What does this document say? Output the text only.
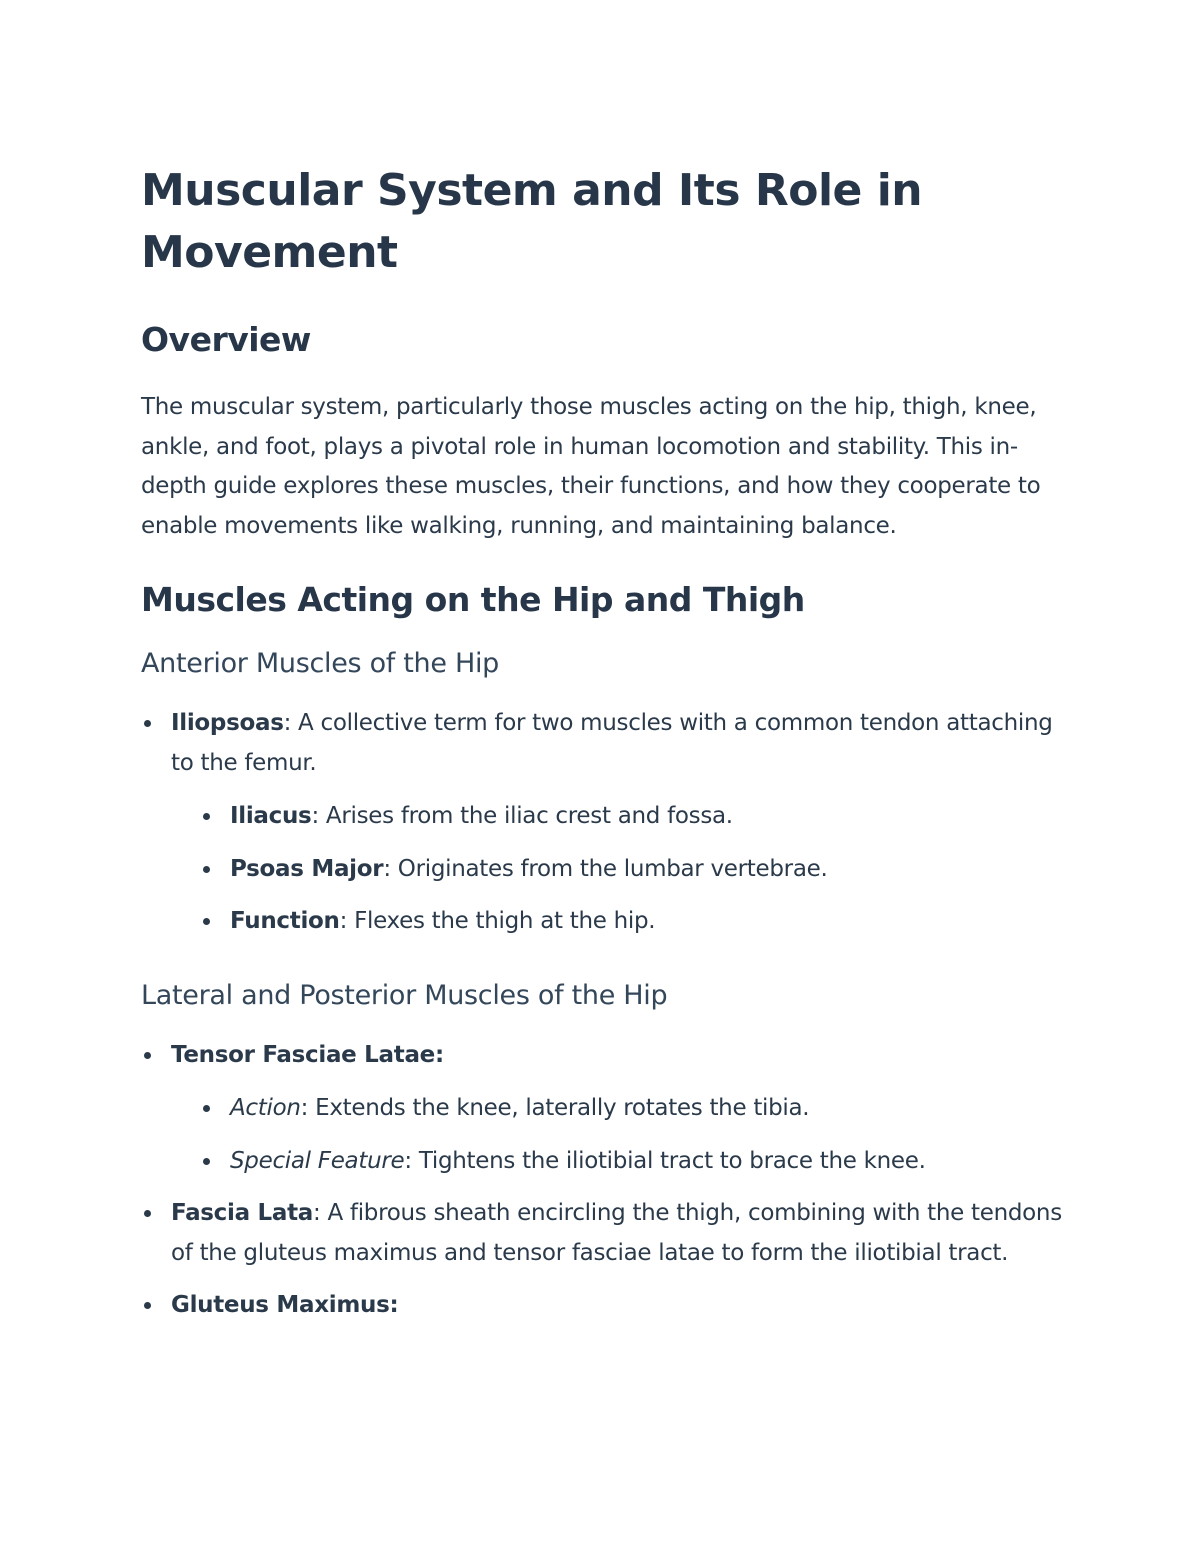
Muscular System and Its Role in Movement
Overview

The muscular system, particularly those muscles acting on the hip, thigh, knee, ankle, and foot, plays a pivotal role in human locomotion and stability. This in-depth guide explores these muscles, their functions, and how they cooperate to enable movements like walking, running, and maintaining balance.

Muscles Acting on the Hip and Thigh
Anterior Muscles of the Hip
Iliopsoas: A collective term for two muscles with a common tendon attaching to the femur.
Iliacus: Arises from the iliac crest and fossa.
Psoas Major: Originates from the lumbar vertebrae.
Function: Flexes the thigh at the hip.
Lateral and Posterior Muscles of the Hip
Tensor Fasciae Latae:
Action: Extends the knee, laterally rotates the tibia.
Special Feature: Tightens the iliotibial tract to brace the knee.
Fascia Lata: A fibrous sheath encircling the thigh, combining with the tendons of the gluteus maximus and tensor fasciae latae to form the iliotibial tract.
Gluteus Maximus:
